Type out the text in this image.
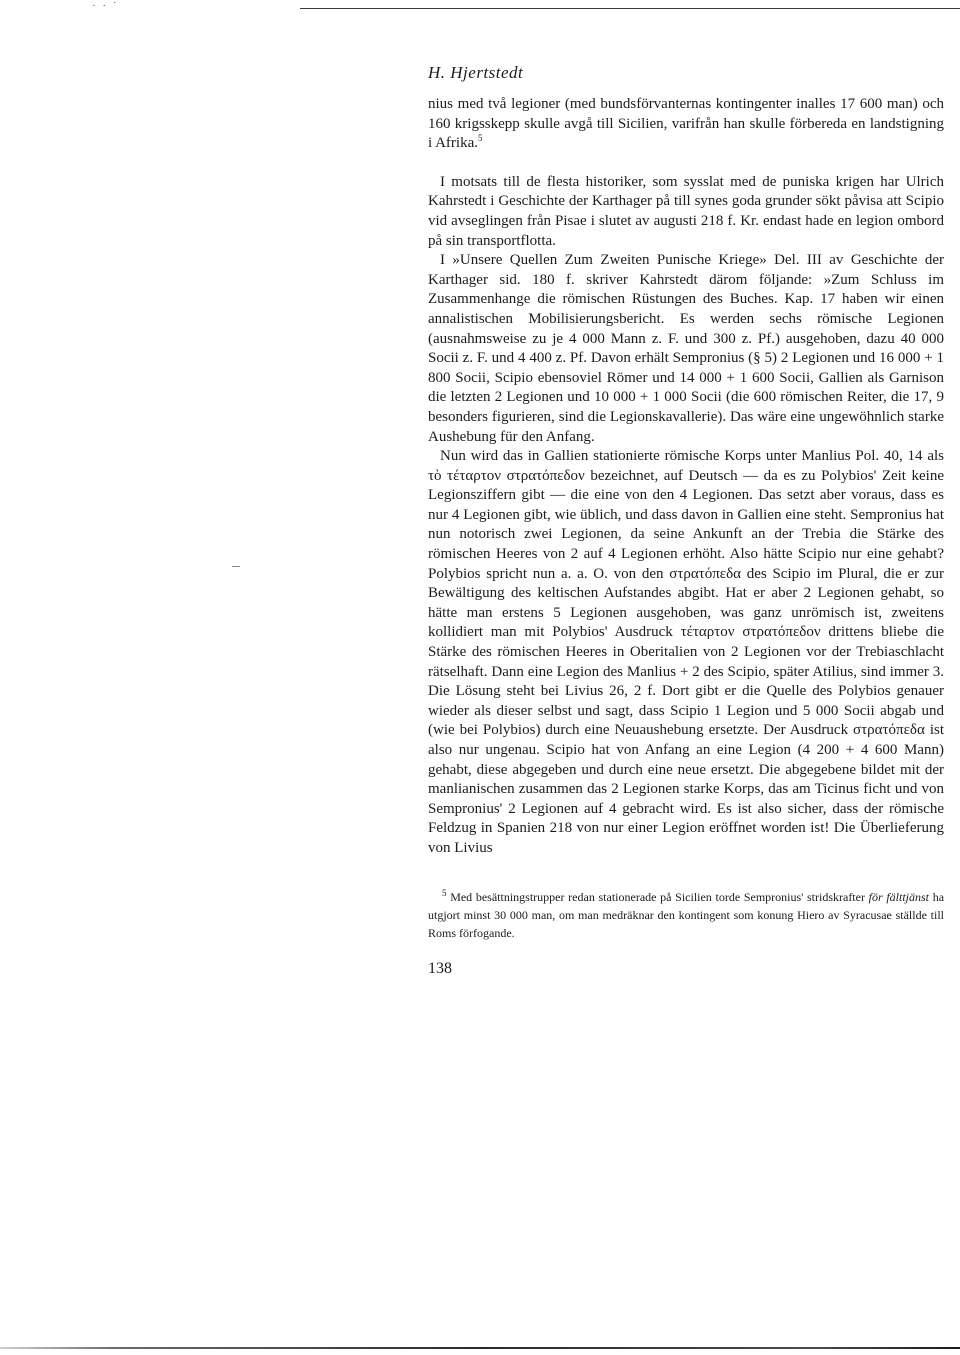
· · ˙
H. Hjertstedt

nius med två legioner (med bundsförvanternas kontingenter inalles 17 600 man) och 160 krigsskepp skulle avgå till Sicilien, varifrån han skulle förbereda en landstigning i Afrika.$^5$

I motsats till de flesta historiker, som sysslat med de puniska krigen har Ulrich Kahrstedt i Geschichte der Karthager på till synes goda grunder sökt påvisa att Scipio vid avseglingen från Pisae i slutet av augusti 218 f. Kr. endast hade en legion ombord på sin transportflotta.

I »Unsere Quellen Zum Zweiten Punische Kriege» Del. III av Geschichte der Karthager sid. 180 f. skriver Kahrstedt därom följande: »Zum Schluss im Zusammenhange die römischen Rüstungen des Buches. Kap. 17 haben wir einen annalistischen Mobilisierungsbericht. Es werden sechs römische Legionen (ausnahmsweise zu je 4 000 Mann z. F. und 300 z. Pf.) ausgehoben, dazu 40 000 Socii z. F. und 4 400 z. Pf. Davon erhält Sempronius (§ 5) 2 Legionen und 16 000 + 1 800 Socii, Scipio ebensoviel Römer und 14 000 + 1 600 Socii, Gallien als Garnison die letzten 2 Legionen und 10 000 + 1 000 Socii (die 600 römischen Reiter, die 17, 9 besonders figurieren, sind die Legionskavallerie). Das wäre eine ungewöhnlich starke Aushebung für den Anfang.

Nun wird das in Gallien stationierte römische Korps unter Manlius Pol. 40, 14 als τὸ τέταρτον στρατόπεδον bezeichnet, auf Deutsch — da es zu Polybios' Zeit keine Legionsziffern gibt — die eine von den 4 Legionen. Das setzt aber voraus, dass es nur 4 Legionen gibt, wie üblich, und dass davon in Gallien eine steht. Sempronius hat nun notorisch zwei Legionen, da seine Ankunft an der Trebia die Stärke des römischen Heeres von 2 auf 4 Legionen erhöht. Also hätte Scipio nur eine gehabt? Polybios spricht nun a. a. O. von den στρατόπεδα des Scipio im Plural, die er zur Bewältigung des keltischen Aufstandes abgibt. Hat er aber 2 Legionen gehabt, so hätte man erstens 5 Legionen ausgehoben, was ganz unrömisch ist, zweitens kollidiert man mit Polybios' Ausdruck τέταρτον στρατόπεδον drittens bliebe die Stärke des römischen Heeres in Oberitalien von 2 Legionen vor der Trebiaschlacht rätselhaft. Dann eine Legion des Manlius + 2 des Scipio, später Atilius, sind immer 3. Die Lösung steht bei Livius 26, 2 f. Dort gibt er die Quelle des Polybios genauer wieder als dieser selbst und sagt, dass Scipio 1 Legion und 5 000 Socii abgab und (wie bei Polybios) durch eine Neuaushebung ersetzte. Der Ausdruck στρατόπεδα ist also nur ungenau. Scipio hat von Anfang an eine Legion (4 200 + 4 600 Mann) gehabt, diese abgegeben und durch eine neue ersetzt. Die abgegebene bildet mit der manlianischen zusammen das 2 Legionen starke Korps, das am Ticinus ficht und von Sempronius' 2 Legionen auf 4 gebracht wird. Es ist also sicher, dass der römische Feldzug in Spanien 218 von nur einer Legion eröffnet worden ist! Die Überlieferung von Livius

$^5$ Med besättningstrupper redan stationerade på Sicilien torde Sempronius' stridskrafter för fälttjänst ha utgjort minst 30 000 man, om man medräknar den kontingent som konung Hiero av Syracusae ställde till Roms förfogande.

138
